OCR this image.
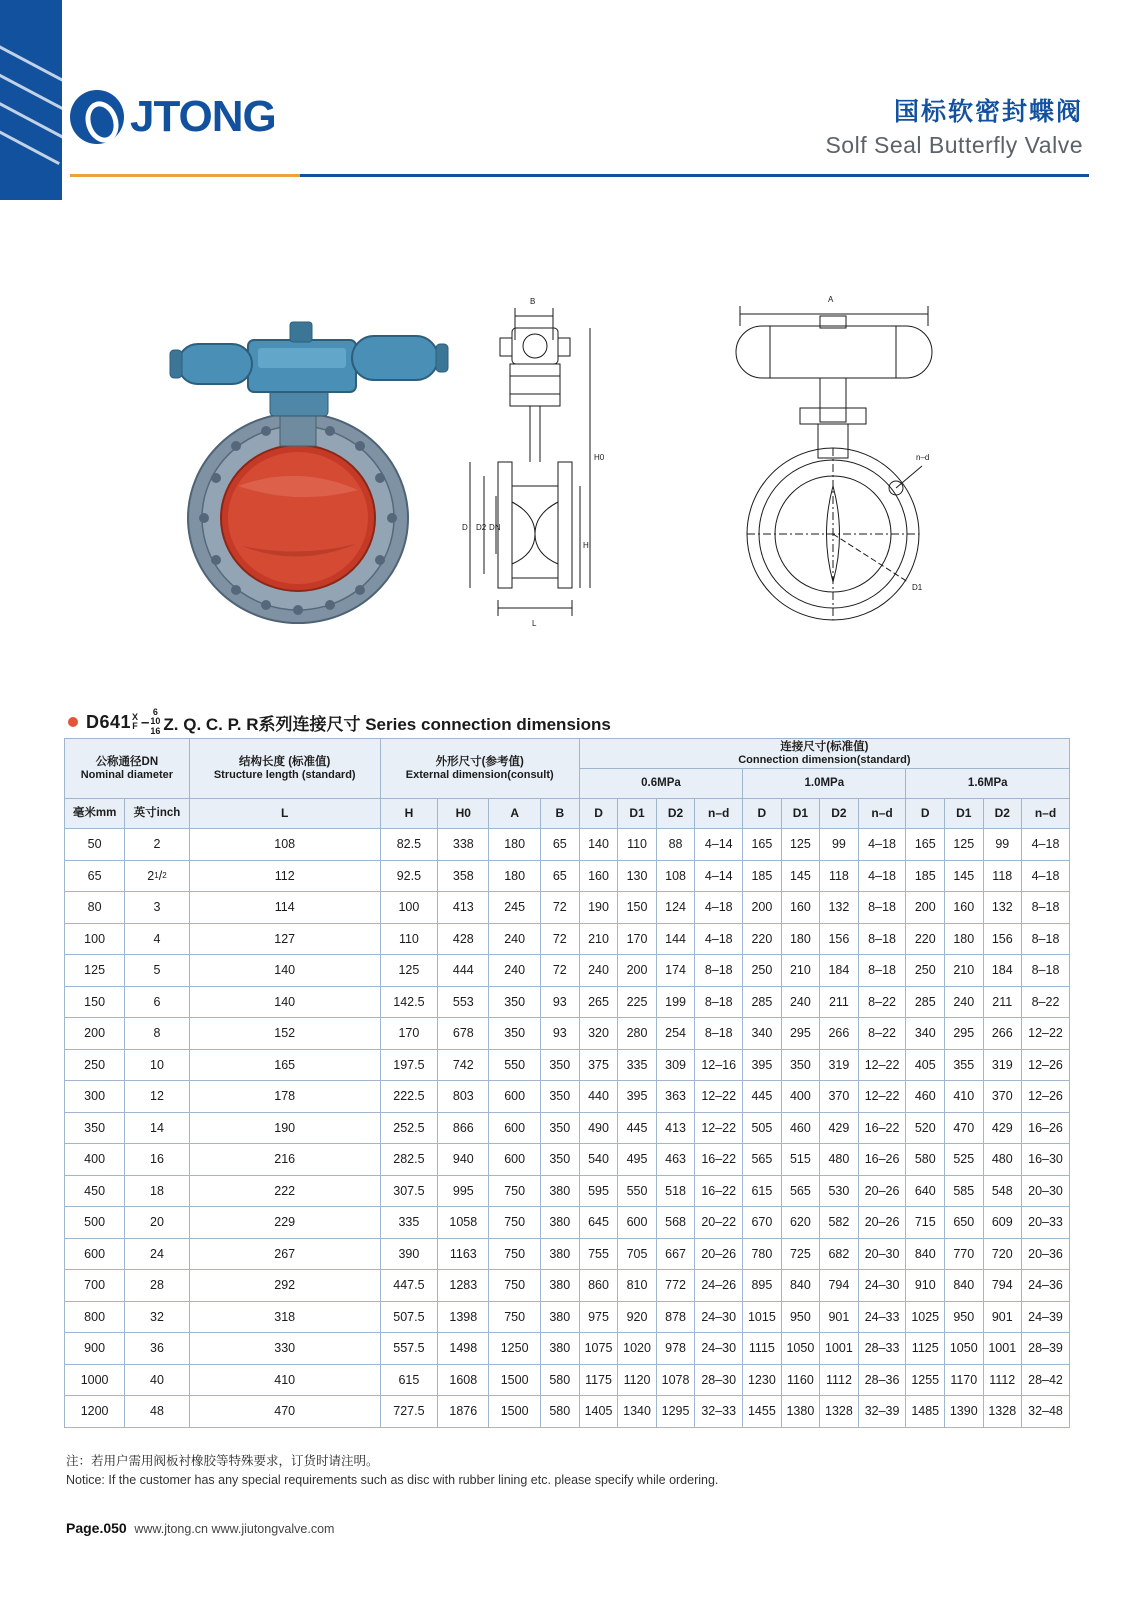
JTONG	国标软密封蝶阀
Solf Seal Butterfly Valve
B
D D2 DN
H0
H
L
A
n–d
D1
D641 X
F –
6
10
16 Z. Q. C. P. R系列连接尺寸 Series connection dimensions
公称通径DN
Nominal diameter		结构长度 (标准值)
Structure length (standard)	外形尺寸(参考值)
External dimension(consult)				连接尺寸(标准值)
Connection dimension(standard)											

							0.6MPa				1.0MPa				1.6MPa			
毫米mm	英寸inch	L	H	H0	A	B	D	D1	D2	n–d	D	D1	D2	n–d	D	D1	D2	n–d
50	2	108	82.5	338	180	65	140	110	88	4–14	165	125	99	4–18	165	125	99	4–18
65	2 1 / 2	112	92.5	358	180	65	160	130	108	4–14	185	145	118	4–18	185	145	118	4–18
80	3	114	100	413	245	72	190	150	124	4–18	200	160	132	8–18	200	160	132	8–18
100	4	127	110	428	240	72	210	170	144	4–18	220	180	156	8–18	220	180	156	8–18
125	5	140	125	444	240	72	240	200	174	8–18	250	210	184	8–18	250	210	184	8–18
150	6	140	142.5	553	350	93	265	225	199	8–18	285	240	211	8–22	285	240	211	8–22
200	8	152	170	678	350	93	320	280	254	8–18	340	295	266	8–22	340	295	266	12–22
250	10	165	197.5	742	550	350	375	335	309	12–16	395	350	319	12–22	405	355	319	12–26
300	12	178	222.5	803	600	350	440	395	363	12–22	445	400	370	12–22	460	410	370	12–26
350	14	190	252.5	866	600	350	490	445	413	12–22	505	460	429	16–22	520	470	429	16–26
400	16	216	282.5	940	600	350	540	495	463	16–22	565	515	480	16–26	580	525	480	16–30
450	18	222	307.5	995	750	380	595	550	518	16–22	615	565	530	20–26	640	585	548	20–30
500	20	229	335	1058	750	380	645	600	568	20–22	670	620	582	20–26	715	650	609	20–33
600	24	267	390	1163	750	380	755	705	667	20–26	780	725	682	20–30	840	770	720	20–36
700	28	292	447.5	1283	750	380	860	810	772	24–26	895	840	794	24–30	910	840	794	24–36
800	32	318	507.5	1398	750	380	975	920	878	24–30	1015	950	901	24–33	1025	950	901	24–39
900	36	330	557.5	1498	1250	380	1075	1020	978	24–30	1115	1050	1001	28–33	1125	1050	1001	28–39
1000	40	410	615	1608	1500	580	1175	1120	1078	28–30	1230	1160	1112	28–36	1255	1170	1112	28–42
1200	48	470	727.5	1876	1500	580	1405	1340	1295	32–33	1455	1380	1328	32–39	1485	1390	1328	32–48
注：若用户需用阀板衬橡胶等特殊要求，订货时请注明。
Notice: If the customer has any special requirements such as disc with rubber lining etc. please specify while ordering.
Page.050 www.jtong.cn www.jiutongvalve.com
